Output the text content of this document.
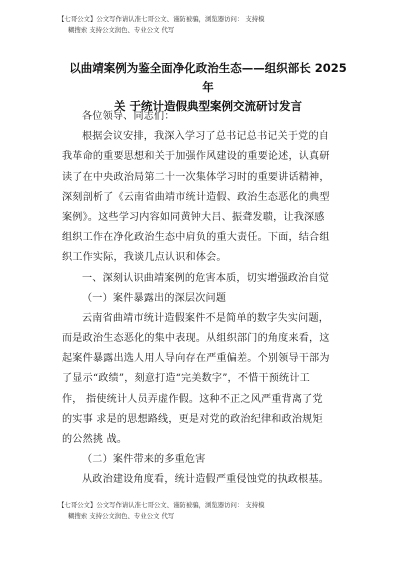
【七哥公文】公文写作请认准七哥公文、谨防被骗，浏览器访问： 支持模
糊搜索 支持公文润色、专业公文 代写
以曲靖案例为鉴全面净化政治生态——组织部长 2025 年
关 于统计造假典型案例交流研讨发言
各位领导、同志们：
根据会议安排，我深入学习了总书记总书记关于党的自
我革命的重要思想和关于加强作风建设的重要论述，认真研
读了在中央政治局第二十一次集体学习时的重要讲话精神，
深刻剖析了《云南省曲靖市统计造假、政治生态恶化的典型
案例》。这些学习内容如同黄钟大吕、振聋发聩，让我深感
组织工作在净化政治生态中肩负的重大责任。下面，结合组
织工作实际，我谈几点认识和体会。
一、深刻认识曲靖案例的危害本质，切实增强政治自觉
（一）案件暴露出的深层次问题
云南省曲靖市统计造假案件不是简单的数字失实问题，
而是政治生态恶化的集中表现。从组织部门的角度来看，这
起案件暴露出选人用人导向存在严重偏差。个别领导干部为
了显示“政绩”，刻意打造“完美数字”，不惜干预统计工
作， 指使统计人员弄虚作假。这种不正之风严重背离了党
的实事 求是的思想路线，更是对党的政治纪律和政治规矩
的公然挑 战。
（二）案件带来的多重危害
从政治建设角度看，统计造假严重侵蚀党的执政根基。
【七哥公文】公文写作请认准七哥公文、谨防被骗，浏览器访问： 支持模
糊搜索 支持公文润色、专业公文 代写
